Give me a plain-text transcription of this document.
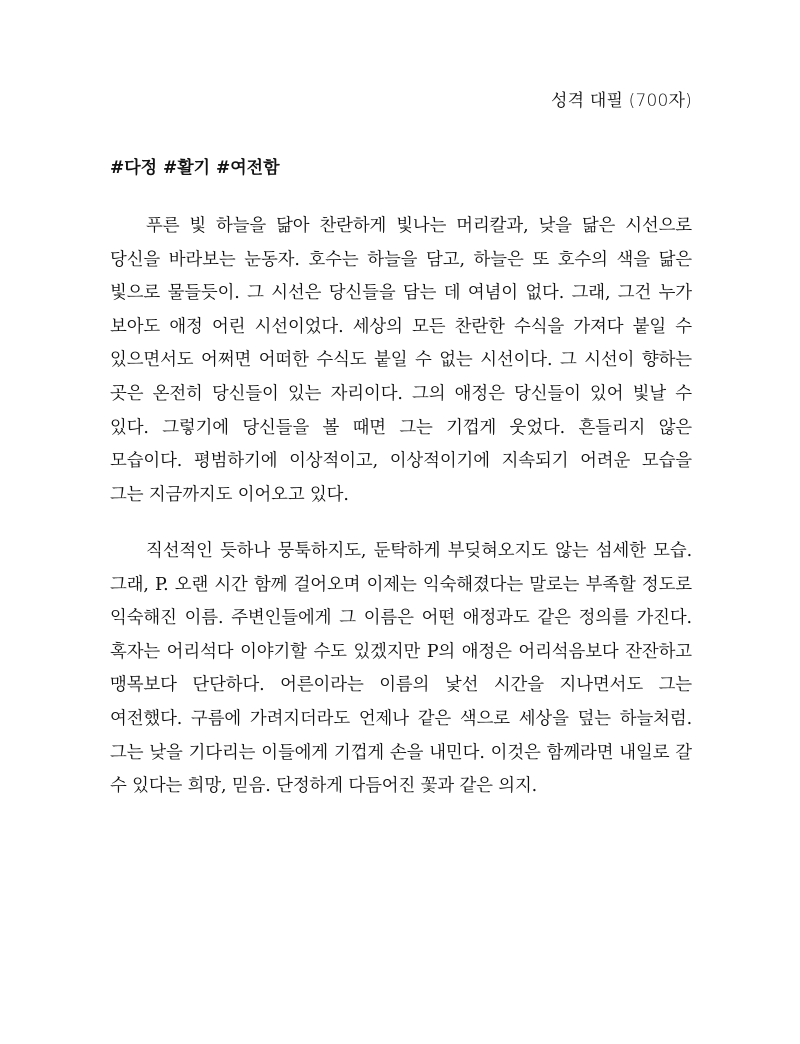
성격 대필 (700자)
#다정 #활기 #여전함

푸른 빛 하늘을 닮아 찬란하게 빛나는 머리칼과, 낮을 닮은 시선으로 당신을 바라보는 눈동자. 호수는 하늘을 담고, 하늘은 또 호수의 색을 닮은 빛으로 물들듯이. 그 시선은 당신들을 담는 데 여념이 없다. 그래, 그건 누가 보아도 애정 어린 시선이었다. 세상의 모든 찬란한 수식을 가져다 붙일 수 있으면서도 어쩌면 어떠한 수식도 붙일 수 없는 시선이다. 그 시선이 향하는 곳은 온전히 당신들이 있는 자리이다. 그의 애정은 당신들이 있어 빛날 수 있다. 그렇기에 당신들을 볼 때면 그는 기껍게 웃었다. 흔들리지 않은 모습이다. 평범하기에 이상적이고, 이상적이기에 지속되기 어려운 모습을 그는 지금까지도 이어오고 있다.

직선적인 듯하나 뭉툭하지도, 둔탁하게 부딪혀오지도 않는 섬세한 모습. 그래, P. 오랜 시간 함께 걸어오며 이제는 익숙해졌다는 말로는 부족할 정도로 익숙해진 이름. 주변인들에게 그 이름은 어떤 애정과도 같은 정의를 가진다. 혹자는 어리석다 이야기할 수도 있겠지만 P의 애정은 어리석음보다 잔잔하고 맹목보다 단단하다. 어른이라는 이름의 낯선 시간을 지나면서도 그는 여전했다. 구름에 가려지더라도 언제나 같은 색으로 세상을 덮는 하늘처럼. 그는 낮을 기다리는 이들에게 기껍게 손을 내민다. 이것은 함께라면 내일로 갈 수 있다는 희망, 믿음. 단정하게 다듬어진 꽃과 같은 의지.
